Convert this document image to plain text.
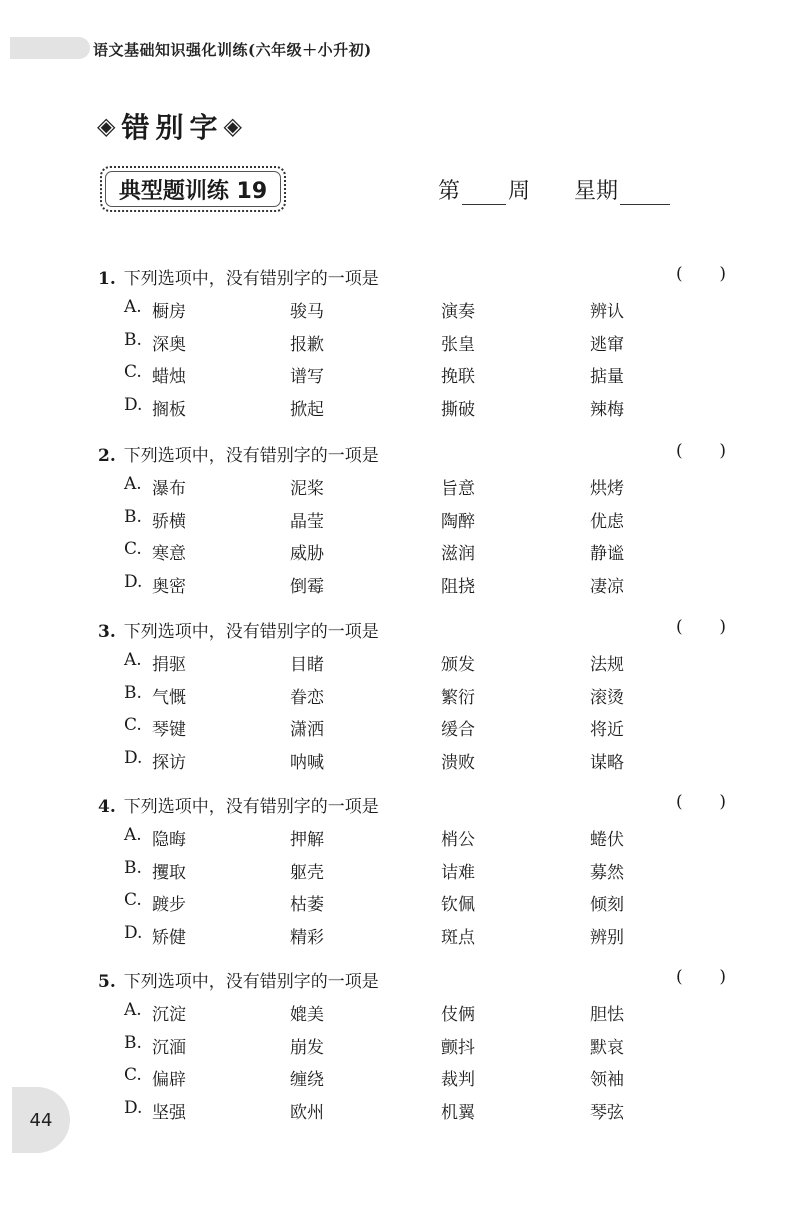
语文基础知识强化训练(六年级＋小升初)
◈ 错别字 ◈
典型题训练 19	第 周 星期
1. 下列选项中，没有错别字的一项是	( )
A. 橱房	骏马	演奏	辨认
B. 深奥	报歉	张皇	逃窜
C. 蜡烛	谱写	挽联	掂量
D. 搁板	掀起	撕破	辣梅
2. 下列选项中，没有错别字的一项是	( )
A. 瀑布	泥桨	旨意	烘烤
B. 骄横	晶莹	陶醉	优虑
C. 寒意	威胁	滋润	静谧
D. 奥密	倒霉	阻挠	凄凉
3. 下列选项中，没有错别字的一项是	( )
A. 捐驱	目睹	颁发	法规
B. 气慨	眷恋	繁衍	滚烫
C. 琴键	潇洒	缓合	将近
D. 探访	呐喊	溃败	谋略
4. 下列选项中，没有错别字的一项是	( )
A. 隐晦	押解	梢公	蜷伏
B. 攫取	躯壳	诘难	募然
C. 踱步	枯萎	钦佩	倾刻
D. 矫健	精彩	斑点	辨别
5. 下列选项中，没有错别字的一项是	( )
A. 沉淀	媲美	伎俩	胆怯
B. 沉湎	崩发	颤抖	默哀
C. 偏辟	缠绕	裁判	领袖
D. 坚强	欧州	机翼	琴弦
44
